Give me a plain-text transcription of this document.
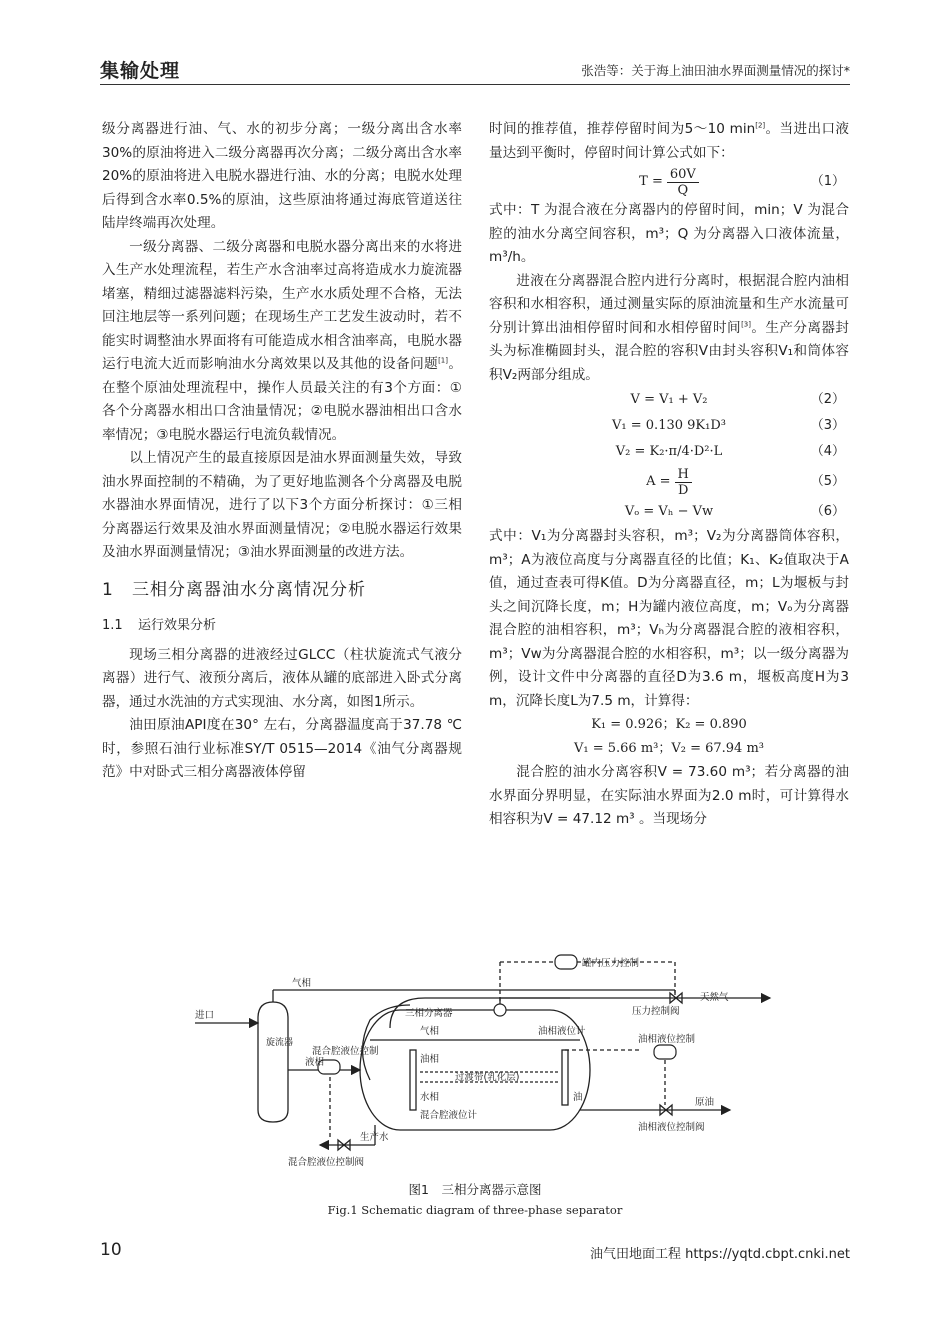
集输处理	张浩等：关于海上油田油水界面测量情况的探讨*

级分离器进行油、气、水的初步分离；一级分离出含水率30%的原油将进入二级分离器再次分离；二级分离出含水率20%的原油将进入电脱水器进行油、水的分离；电脱水处理后得到含水率0.5%的原油，这些原油将通过海底管道送往陆岸终端再次处理。

一级分离器、二级分离器和电脱水器分离出来的水将进入生产水处理流程，若生产水含油率过高将造成水力旋流器堵塞，精细过滤器滤料污染，生产水水质处理不合格，无法回注地层等一系列问题；在现场生产工艺发生波动时，若不能实时调整油水界面将有可能造成水相含油率高，电脱水器运行电流大近而影响油水分离效果以及其他的设备问题[1]。在整个原油处理流程中，操作人员最关注的有3个方面：①各个分离器水相出口含油量情况；②电脱水器油相出口含水率情况；③电脱水器运行电流负载情况。

以上情况产生的最直接原因是油水界面测量失效，导致油水界面控制的不精确，为了更好地监测各个分离器及电脱水器油水界面情况，进行了以下3个方面分析探讨：①三相分离器运行效果及油水界面测量情况；②电脱水器运行效果及油水界面测量情况；③油水界面测量的改进方法。

1 三相分离器油水分离情况分析
1.1 运行效果分析

现场三相分离器的进液经过GLCC（柱状旋流式气液分离器）进行气、液预分离后，液体从罐的底部进入卧式分离器，通过水洗油的方式实现油、水分离，如图1所示。

油田原油API度在30° 左右，分离器温度高于37.78 ℃时，参照石油行业标准SY/T 0515—2014《油气分离器规范》中对卧式三相分离器液体停留

时间的推荐值，推荐停留时间为5～10 min[2]。当进出口液量达到平衡时，停留时间计算公式如下：

$T = \frac{60V}{Q}$	（1）

式中：T 为混合液在分离器内的停留时间，min；V 为混合腔的油水分离空间容积，m³；Q 为分离器入口液体流量，m³/h。

进液在分离器混合腔内进行分离时，根据混合腔内油相容积和水相容积，通过测量实际的原油流量和生产水流量可分别计算出油相停留时间和水相停留时间[3]。生产分离器封头为标准椭圆封头，混合腔的容积V由封头容积V₁和筒体容积V₂两部分组成。

V = V₁ + V₂	（2）
V₁ = 0.130 9K₁D³	（3）
V₂ = K₂·π/4·D²·L	（4）
$A = \frac{H}{D}$	（5）
Vₒ = Vₕ − Vw	（6）

式中：V₁为分离器封头容积，m³；V₂为分离器筒体容积，m³；A为液位高度与分离器直径的比值；K₁、K₂值取决于A值，通过查表可得K值。D为分离器直径，m；L为堰板与封头之间沉降长度，m；H为罐内液位高度，m；Vₒ为分离器混合腔的油相容积，m³；Vₕ为分离器混合腔的液相容积，m³；Vw为分离器混合腔的水相容积，m³；以一级分离器为例，设计文件中分离器的直径D为3.6 m，堰板高度H为3 m，沉降长度L为7.5 m，计算得：

K₁ = 0.926；K₂ = 0.890
V₁ = 5.66 m³；V₂ = 67.94 m³

混合腔的油水分离容积V = 73.60 m³；若分离器的油水界面分界明显，在实际油水界面为2.0 m时，可计算得水相容积为V = 47.12 m³ 。当现场分

进口
气相
旋流器
液相
三相分离器
罐内压力控制
压力控制阀
天然气
混合腔液位控制
气相
油相
过渡带(乳化层)
水相
混合腔液位计
油相液位计
油
油相液位控制
原油
油相液位控制阀
生产水
混合腔液位控制阀
图1　三相分离器示意图
Fig.1 Schematic diagram of three-phase separator
10	油气田地面工程 https://yqtd.cbpt.cnki.net
